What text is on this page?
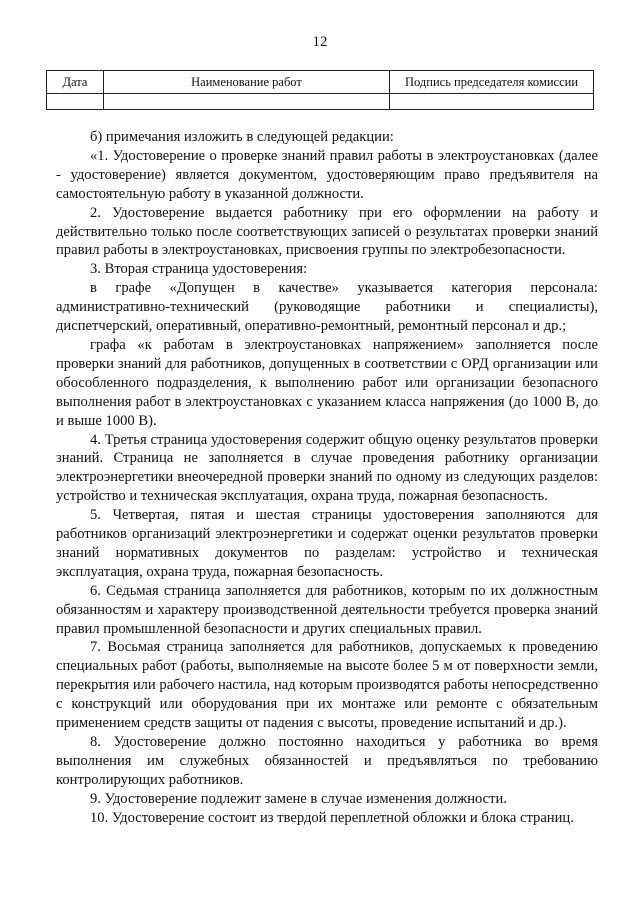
12
Дата	Наименование работ	Подпись председателя комиссии

б) примечания изложить в следующей редакции:

«1. Удостоверение о проверке знаний правил работы в электроустановках (далее - удостоверение) является документом, удостоверяющим право предъявителя на самостоятельную работу в указанной должности.

2. Удостоверение выдается работнику при его оформлении на работу и действительно только после соответствующих записей о результатах проверки знаний правил работы в электроустановках, присвоения группы по электробезопасности.

3. Вторая страница удостоверения:

в графе «Допущен в качестве» указывается категория персонала: административно-технический (руководящие работники и специалисты), диспетчерский, оперативный, оперативно-ремонтный, ремонтный персонал и др.;

графа «к работам в электроустановках напряжением» заполняется после проверки знаний для работников, допущенных в соответствии с ОРД организации или обособленного подразделения, к выполнению работ или организации безопасного выполнения работ в электроустановках с указанием класса напряжения (до 1000 В, до и выше 1000 В).

4. Третья страница удостоверения содержит общую оценку результатов проверки знаний. Страница не заполняется в случае проведения работнику организации электроэнергетики внеочередной проверки знаний по одному из следующих разделов: устройство и техническая эксплуатация, охрана труда, пожарная безопасность.

5. Четвертая, пятая и шестая страницы удостоверения заполняются для работников организаций электроэнергетики и содержат оценки результатов проверки знаний нормативных документов по разделам: устройство и техническая эксплуатация, охрана труда, пожарная безопасность.

6. Седьмая страница заполняется для работников, которым по их должностным обязанностям и характеру производственной деятельности требуется проверка знаний правил промышленной безопасности и других специальных правил.

7. Восьмая страница заполняется для работников, допускаемых к проведению специальных работ (работы, выполняемые на высоте более 5 м от поверхности земли, перекрытия или рабочего настила, над которым производятся работы непосредственно с конструкций или оборудования при их монтаже или ремонте с обязательным применением средств защиты от падения с высоты, проведение испытаний и др.).

8. Удостоверение должно постоянно находиться у работника во время выполнения им служебных обязанностей и предъявляться по требованию контролирующих работников.

9. Удостоверение подлежит замене в случае изменения должности.

10. Удостоверение состоит из твердой переплетной обложки и блока страниц.
